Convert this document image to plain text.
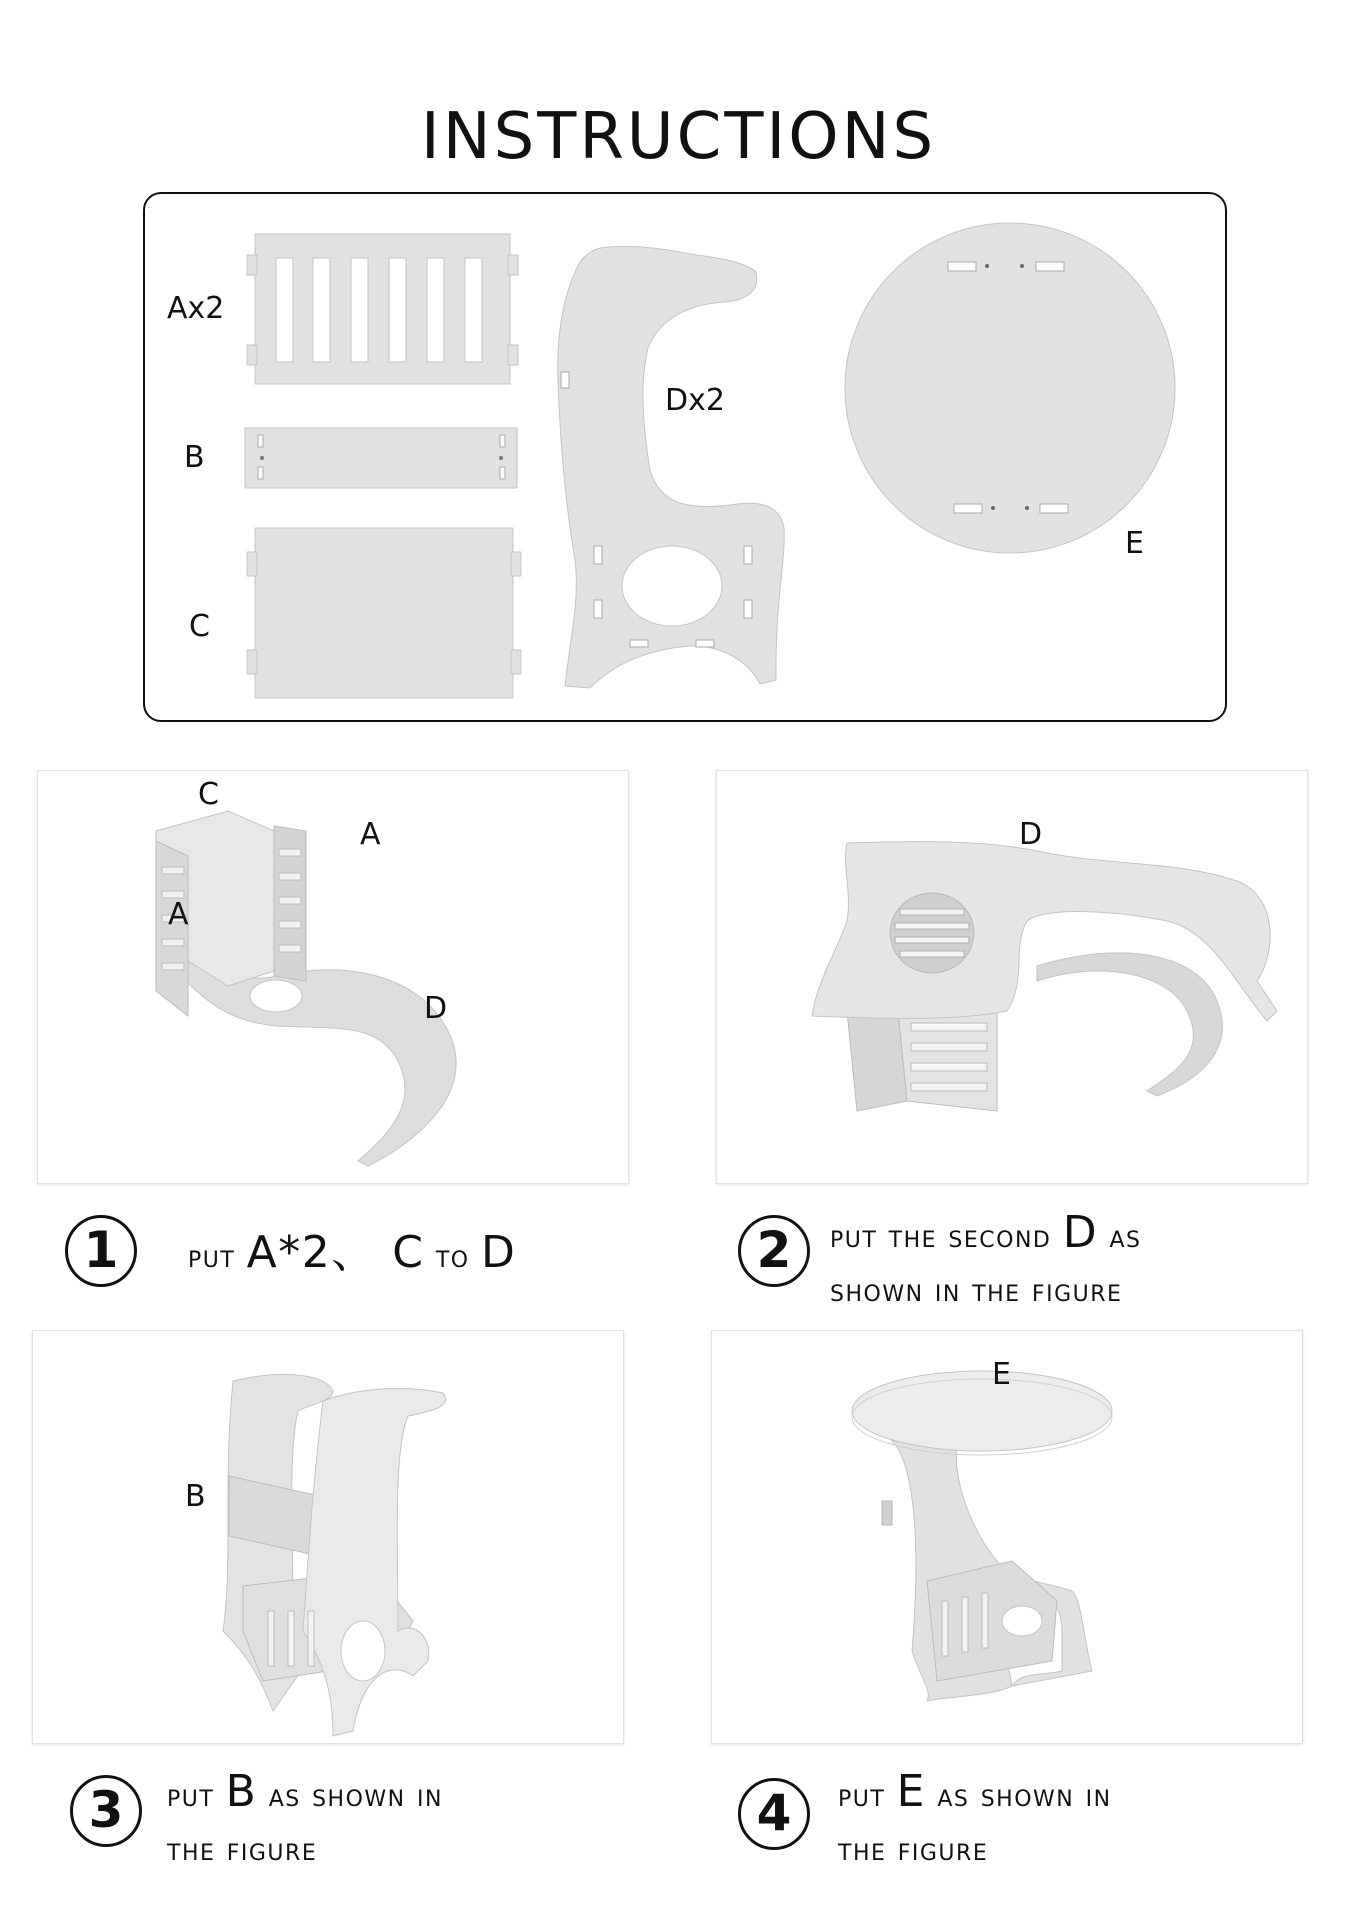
INSTRUCTIONS
Ax2
B
C
Dx2
E
C
A
A
D
D
B
E
1	put A*2、 C to D	2	put the second D as
shown in the figure
3	put B as shown in
the figure
4	put E as shown in
the figure
